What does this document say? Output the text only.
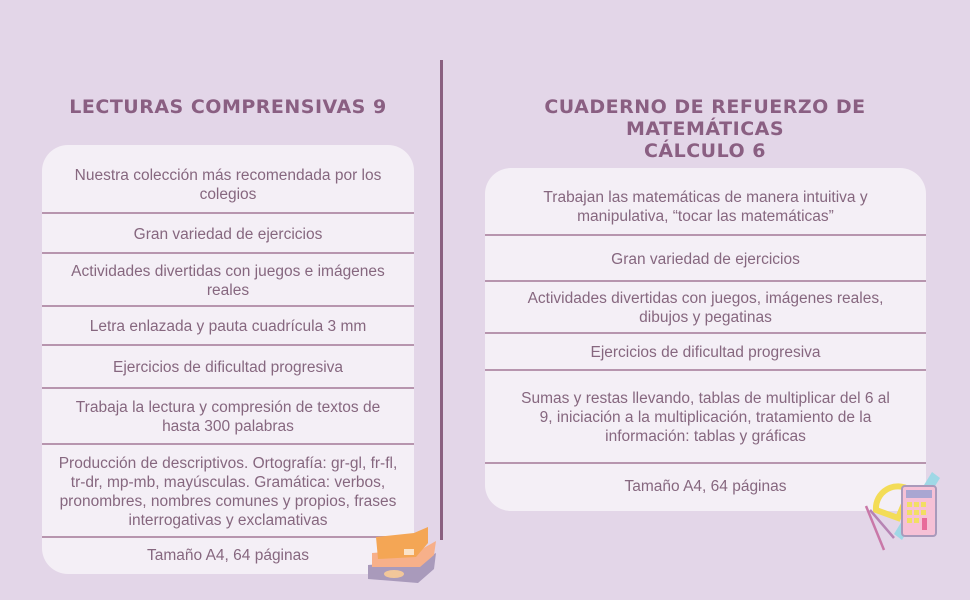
LECTURAS COMPRENSIVAS 9
Nuestra colección más recomendada por los colegios
Gran variedad de ejercicios
Actividades divertidas con juegos e imágenes reales
Letra enlazada y pauta cuadrícula 3 mm
Ejercicios de dificultad progresiva
Trabaja la lectura y compresión de textos de hasta 300 palabras
Producción de descriptivos. Ortografía: gr-gl, fr-fl, tr-dr, mp-mb, mayúsculas. Gramática: verbos, pronombres, nombres comunes y propios, frases interrogativas y exclamativas
Tamaño A4, 64 páginas
CUADERNO DE REFUERZO DE MATEMÁTICAS
CÁLCULO 6
Trabajan las matemáticas de manera intuitiva y manipulativa, “tocar las matemáticas”
Gran variedad de ejercicios
Actividades divertidas con juegos, imágenes reales, dibujos y pegatinas
Ejercicios de dificultad progresiva
Sumas y restas llevando, tablas de multiplicar del 6 al 9, iniciación a la multiplicación, tratamiento de la información: tablas y gráficas
Tamaño A4, 64 páginas
